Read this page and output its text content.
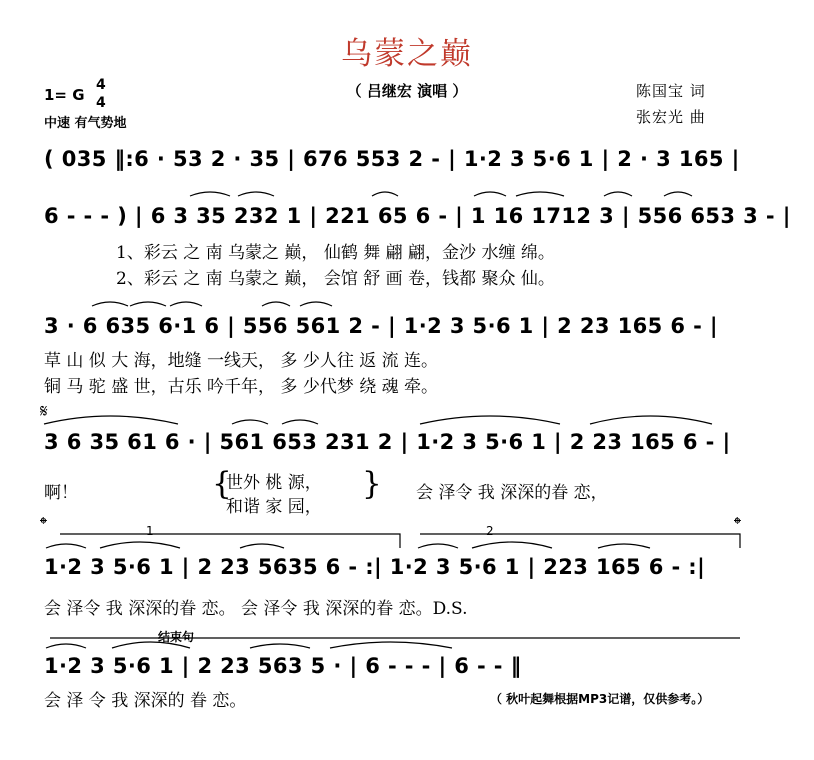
乌蒙之巅
（ 吕继宏 演唱 ）
1= G
4
4
中速 有气势地
陈国宝 词
张宏光 曲
( 035 ‖:6 · 53 2 · 35 | 676 553 2 - | 1·2 3 5·6 1 | 2 · 3 165 |
6 - - - ) | 6 3 35 232 1 | 221 65 6 - | 1 16 1712 3 | 556 653 3 - |
1、彩云 之 南 乌蒙之 巅， 仙鹤 舞 翩 翩，金沙 水缠 绵。
2、彩云 之 南 乌蒙之 巅， 会馆 舒 画 卷，钱都 聚众 仙。
3 · 6 635 6·1 6 | 556 561 2 - | 1·2 3 5·6 1 | 2 23 165 6 - |
草 山 似 大 海，地缝 一线天， 多 少人往 返 流 连。
铜 马 驼 盛 世，古乐 吟千年， 多 少代梦 绕 魂 牵。
𝄋
3 6 35 61 6 · | 561 653 231 2 | 1·2 3 5·6 1 | 2 23 165 6 - |
啊！	{
世外 桃 源，
和谐 家 园，
} 会 泽令 我 深深的眷 恋，
𝄌	𝄌
1	2
1·2 3 5·6 1 | 2 23 5635 6 - :| 1·2 3 5·6 1 | 223 165 6 - :|
会 泽令 我 深深的眷 恋。 会 泽令 我 深深的眷 恋。D.S.
结束句
1·2 3 5·6 1 | 2 23 563 5 · | 6 - - - | 6 - - ‖
会 泽 令 我 深深的 眷 恋。	（ 秋叶起舞根据MP3记谱，仅供参考。）
